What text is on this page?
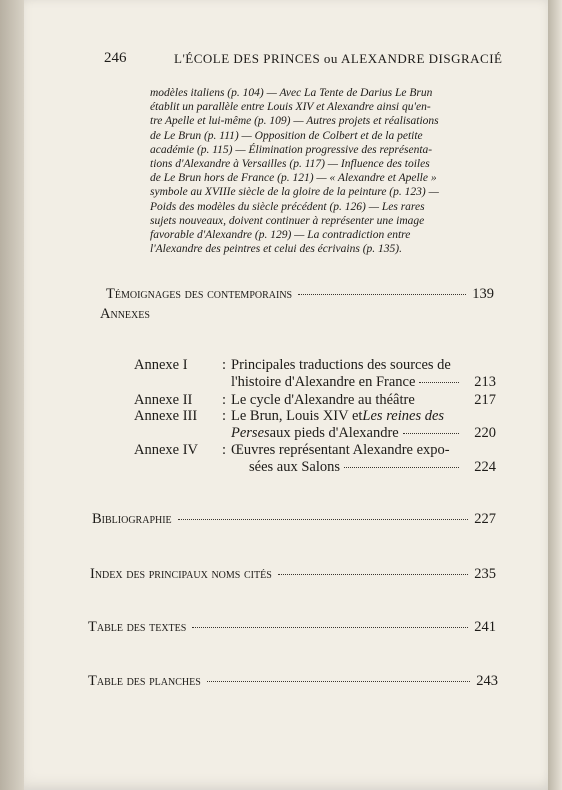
246	L'ÉCOLE DES PRINCES ou ALEXANDRE DISGRACIÉ
modèles italiens (p. 104) — Avec La Tente de Darius Le Brun
établit un parallèle entre Louis XIV et Alexandre ainsi qu'en-
tre Apelle et lui-même (p. 109) — Autres projets et réalisations
de Le Brun (p. 111) — Opposition de Colbert et de la petite
académie (p. 115) — Élimination progressive des représenta-
tions d'Alexandre à Versailles (p. 117) — Influence des toiles
de Le Brun hors de France (p. 121) — « Alexandre et Apelle »
symbole au XVIIIe siècle de la gloire de la peinture (p. 123) —
Poids des modèles du siècle précédent (p. 126) — Les rares
sujets nouveaux, doivent continuer à représenter une image
favorable d'Alexandre (p. 129) — La contradiction entre
l'Alexandre des peintres et celui des écrivains (p. 135).
Témoignages des contemporains	139
Annexes
Annexe I	: Principales traductions des sources de
l'histoire d'Alexandre en France	213
Annexe II	: Le cycle d'Alexandre au théâtre	217
Annexe III	: Le Brun, Louis XIV et Les reines des
Perses aux pieds d'Alexandre	220
Annexe IV	: Œuvres représentant Alexandre expo-
sées aux Salons	224
Bibliographie	227
Index des principaux noms cités	235
Table des textes	241
Table des planches	243
